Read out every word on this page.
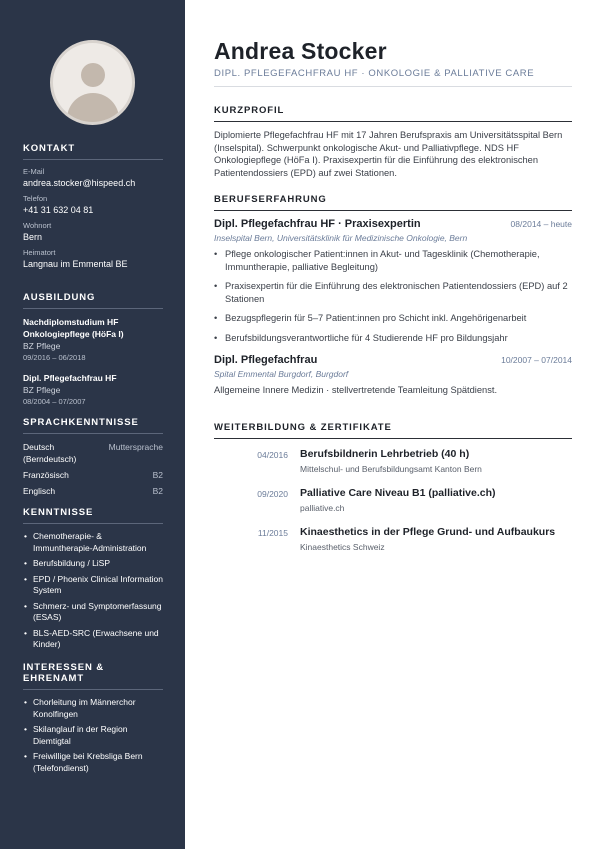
KONTAKT
E-Mail
andrea.stocker@hispeed.ch
Telefon
+41 31 632 04 81
Wohnort
Bern
Heimatort
Langnau im Emmental BE
AUSBILDUNG
Nachdiplomstudium HF Onkologiepflege (HöFa I)
BZ Pflege
09/2016 – 06/2018
Dipl. Pflegefachfrau HF
BZ Pflege
08/2004 – 07/2007
SPRACHKENNTNISSE
Deutsch (Berndeutsch)
Muttersprache
Französisch	B2
Englisch	B2
KENNTNISSE
• Chemotherapie- & Immuntherapie-Administration
• Berufsbildung / LiSP
• EPD / Phoenix Clinical Information System
• Schmerz- und Symptomerfassung (ESAS)
• BLS-AED-SRC (Erwachsene und Kinder)
INTERESSEN & EHRENAMT
• Chorleitung im Männerchor Konolfingen
• Skilanglauf in der Region Diemtigtal
• Freiwillige bei Krebsliga Bern (Telefondienst)
Andrea Stocker
DIPL. PFLEGEFACHFRAU HF · ONKOLOGIE & PALLIATIVE CARE
KURZPROFIL
Diplomierte Pflegefachfrau HF mit 17 Jahren Berufspraxis am Universitätsspital Bern (Inselspital). Schwerpunkt onkologische Akut- und Palliativpflege. NDS HF Onkologiepflege (HöFa I). Praxisexpertin für die Einführung des elektronischen Patientendossiers (EPD) auf zwei Stationen.
BERUFSERFAHRUNG
Dipl. Pflegefachfrau HF · Praxisexpertin	08/2014 – heute
Inselspital Bern, Universitätsklinik für Medizinische Onkologie, Bern
• Pflege onkologischer Patient:innen in Akut- und Tagesklinik (Chemotherapie, Immuntherapie, palliative Begleitung)
• Praxisexpertin für die Einführung des elektronischen Patientendossiers (EPD) auf 2 Stationen
• Bezugspflegerin für 5–7 Patient:innen pro Schicht inkl. Angehörigenarbeit
• Berufsbildungsverantwortliche für 4 Studierende HF pro Bildungsjahr
Dipl. Pflegefachfrau	10/2007 – 07/2014
Spital Emmental Burgdorf, Burgdorf
Allgemeine Innere Medizin · stellvertretende Teamleitung Spätdienst.
WEITERBILDUNG & ZERTIFIKATE
04/2016	Berufsbildnerin Lehrbetrieb (40 h)
Mittelschul- und Berufsbildungsamt Kanton Bern
09/2020	Palliative Care Niveau B1 (palliative.ch)
palliative.ch
11/2015	Kinaesthetics in der Pflege Grund- und Aufbaukurs
Kinaesthetics Schweiz
